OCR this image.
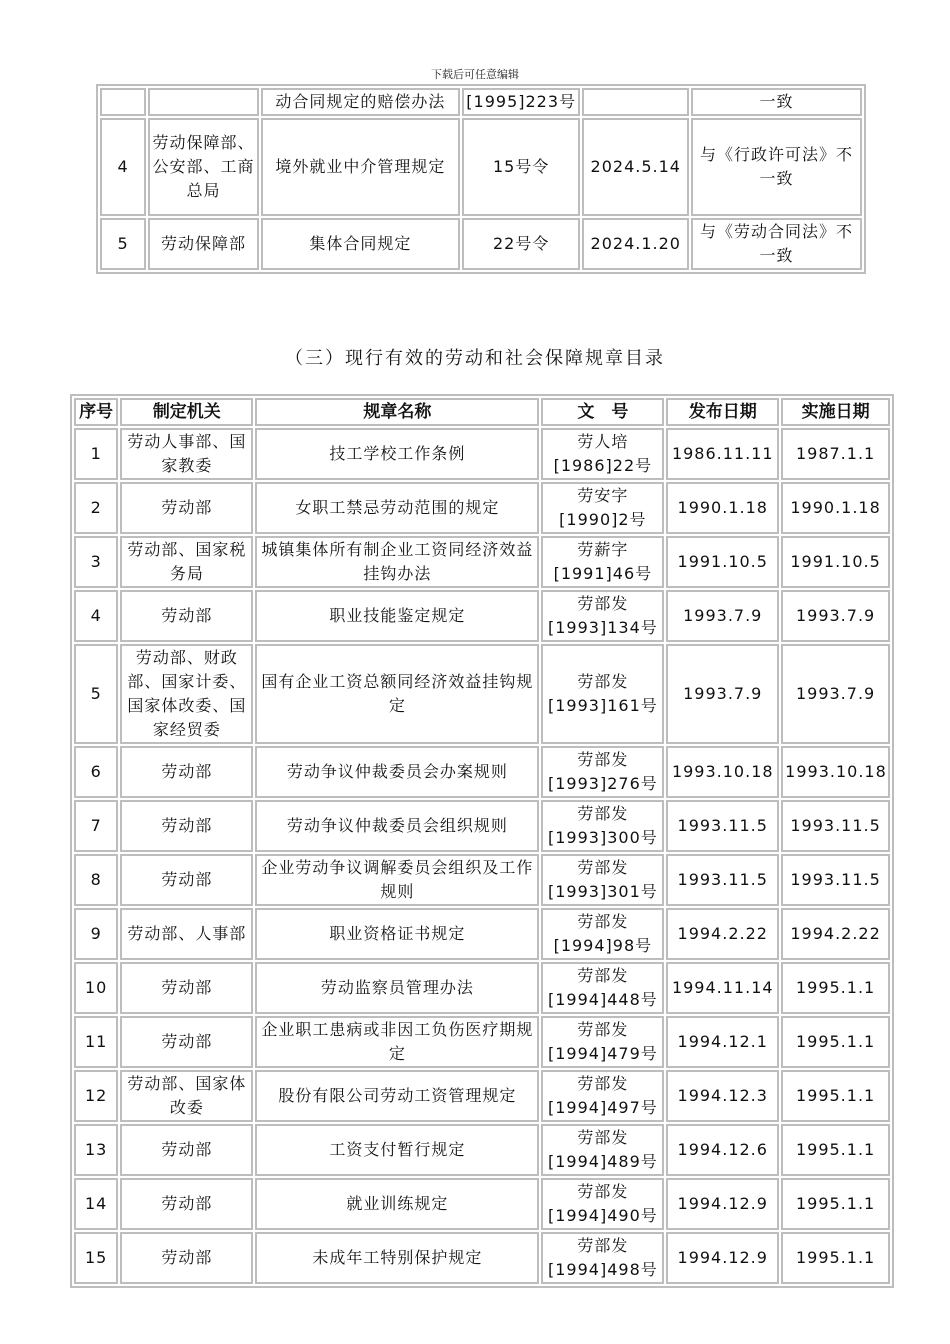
下载后可任意编辑
		动合同规定的赔偿办法	[1995]223号		一致
4	劳动保障部、公安部、工商总局	境外就业中介管理规定	15号令	2024.5.14	与《行政许可法》不一致
5	劳动保障部	集体合同规定	22号令	2024.1.20	与《劳动合同法》不一致
（三）现行有效的劳动和社会保障规章目录
序号	制定机关	规章名称	文　号	发布日期	实施日期
1	劳动人事部、国家教委	技工学校工作条例	劳人培[1986]22号	1986.11.11	1987.1.1
2	劳动部	女职工禁忌劳动范围的规定	劳安字[1990]2号	1990.1.18	1990.1.18
3	劳动部、国家税务局	城镇集体所有制企业工资同经济效益挂钩办法	劳薪字[1991]46号	1991.10.5	1991.10.5
4	劳动部	职业技能鉴定规定	劳部发[1993]134号	1993.7.9	1993.7.9
5	劳动部、财政部、国家计委、国家体改委、国家经贸委	国有企业工资总额同经济效益挂钩规定	劳部发[1993]161号	1993.7.9	1993.7.9
6	劳动部	劳动争议仲裁委员会办案规则	劳部发[1993]276号	1993.10.18	1993.10.18
7	劳动部	劳动争议仲裁委员会组织规则	劳部发[1993]300号	1993.11.5	1993.11.5
8	劳动部	企业劳动争议调解委员会组织及工作规则	劳部发[1993]301号	1993.11.5	1993.11.5
9	劳动部、人事部	职业资格证书规定	劳部发[1994]98号	1994.2.22	1994.2.22
10	劳动部	劳动监察员管理办法	劳部发[1994]448号	1994.11.14	1995.1.1
11	劳动部	企业职工患病或非因工负伤医疗期规定	劳部发[1994]479号	1994.12.1	1995.1.1
12	劳动部、国家体改委	股份有限公司劳动工资管理规定	劳部发[1994]497号	1994.12.3	1995.1.1
13	劳动部	工资支付暂行规定	劳部发[1994]489号	1994.12.6	1995.1.1
14	劳动部	就业训练规定	劳部发[1994]490号	1994.12.9	1995.1.1
15	劳动部	未成年工特别保护规定	劳部发[1994]498号	1994.12.9	1995.1.1
